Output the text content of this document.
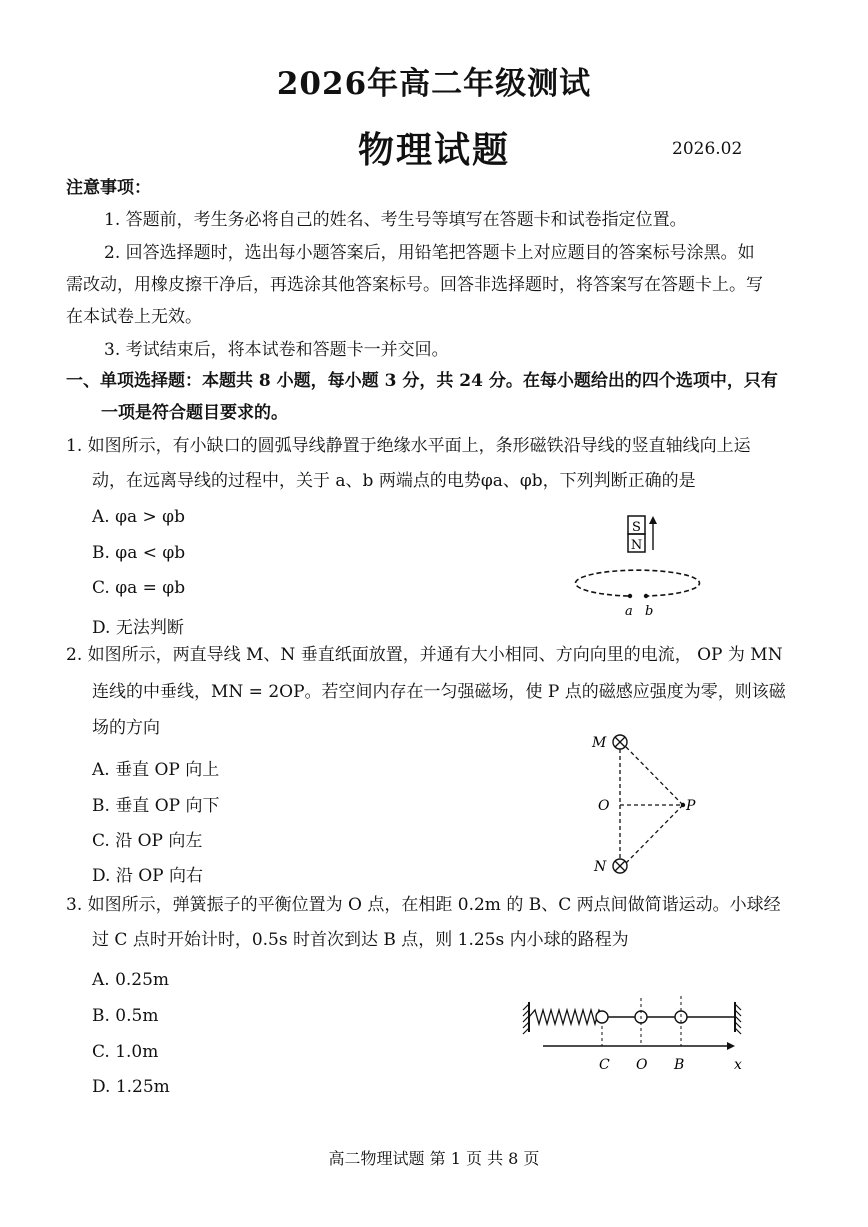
2026年高二年级测试
物理试题	2026.02
注意事项：
1. 答题前，考生务必将自己的姓名、考生号等填写在答题卡和试卷指定位置。
2. 回答选择题时，选出每小题答案后，用铅笔把答题卡上对应题目的答案标号涂黑。如
需改动，用橡皮擦干净后，再选涂其他答案标号。回答非选择题时，将答案写在答题卡上。写
在本试卷上无效。
3. 考试结束后，将本试卷和答题卡一并交回。
一、单项选择题：本题共 8 小题，每小题 3 分，共 24 分。在每小题给出的四个选项中，只有
一项是符合题目要求的。
1. 如图所示，有小缺口的圆弧导线静置于绝缘水平面上，条形磁铁沿导线的竖直轴线向上运
动，在远离导线的过程中，关于 a、b 两端点的电势φa、φb，下列判断正确的是
A. φa > φb
B. φa < φb
C. φa = φb
D. 无法判断
S
N
a b
2. 如图所示，两直导线 M、N 垂直纸面放置，并通有大小相同、方向向里的电流， OP 为 MN
连线的中垂线，MN = 2OP。若空间内存在一匀强磁场，使 P 点的磁感应强度为零，则该磁
场的方向
A. 垂直 OP 向上
B. 垂直 OP 向下
C. 沿 OP 向左
D. 沿 OP 向右
M
O
N
P
3. 如图所示，弹簧振子的平衡位置为 O 点，在相距 0.2m 的 B、C 两点间做简谐运动。小球经
过 C 点时开始计时，0.5s 时首次到达 B 点，则 1.25s 内小球的路程为
A. 0.25m
B. 0.5m
C. 1.0m
D. 1.25m
C O B	x
高二物理试题 第 1 页 共 8 页
